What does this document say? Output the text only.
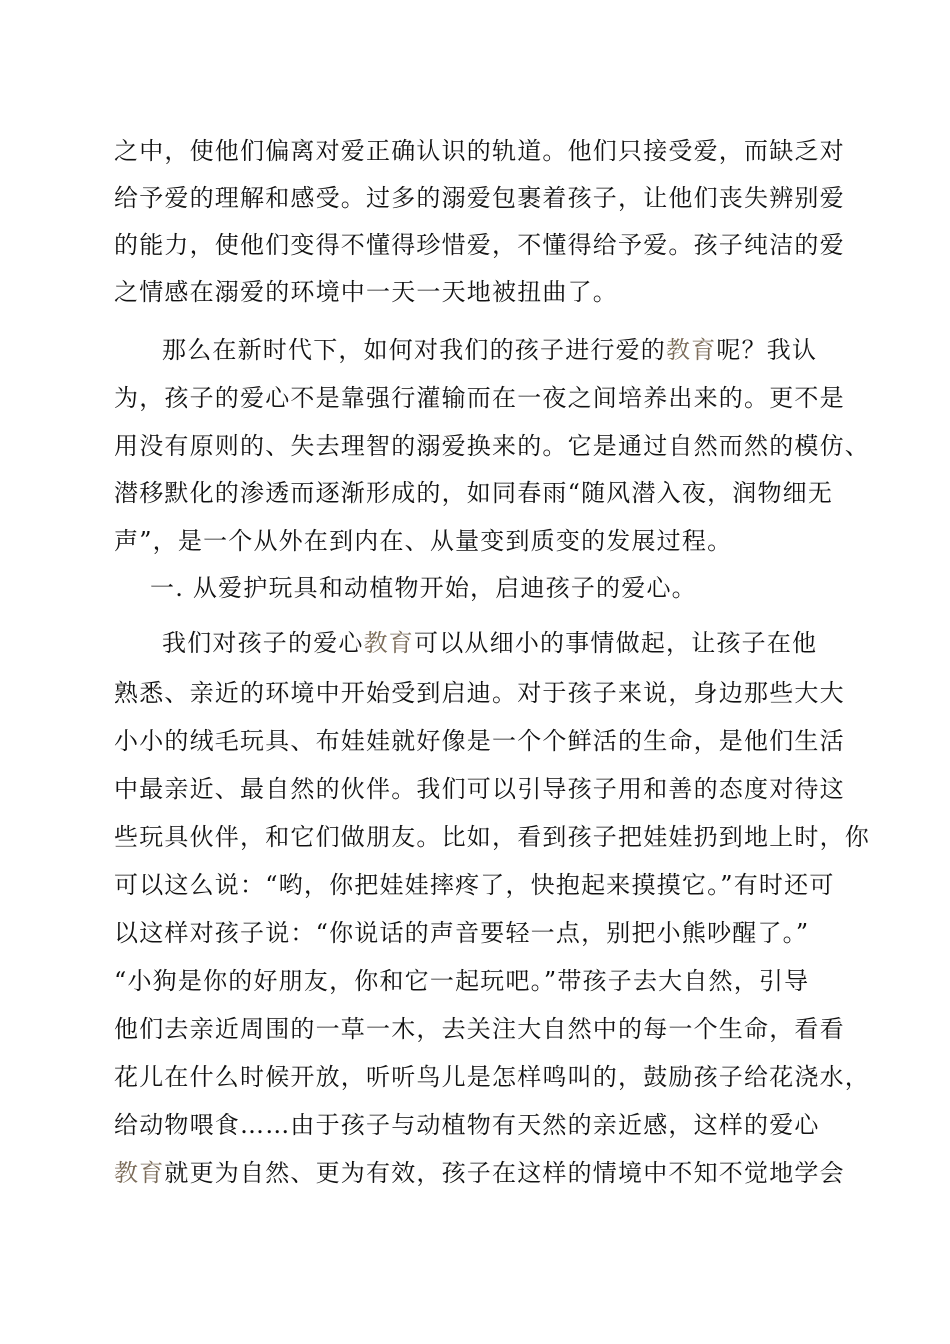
之中，使他们偏离对爱正确认识的轨道。他们只接受爱，而缺乏对
给予爱的理解和感受。过多的溺爱包裹着孩子，让他们丧失辨别爱
的能力，使他们变得不懂得珍惜爱，不懂得给予爱。孩子纯洁的爱
之情感在溺爱的环境中一天一天地被扭曲了。
那么在新时代下，如何对我们的孩子进行爱的教育呢？我认
为，孩子的爱心不是靠强行灌输而在一夜之间培养出来的。更不是
用没有原则的、失去理智的溺爱换来的。它是通过自然而然的模仿、
潜移默化的渗透而逐渐形成的，如同春雨“随风潜入夜，润物细无
声”，是一个从外在到内在、从量变到质变的发展过程。
一. 从爱护玩具和动植物开始，启迪孩子的爱心。
我们对孩子的爱心教育可以从细小的事情做起，让孩子在他
熟悉、亲近的环境中开始受到启迪。对于孩子来说，身边那些大大
小小的绒毛玩具、布娃娃就好像是一个个鲜活的生命，是他们生活
中最亲近、最自然的伙伴。我们可以引导孩子用和善的态度对待这
些玩具伙伴，和它们做朋友。比如，看到孩子把娃娃扔到地上时，你
可以这么说：“哟，你把娃娃摔疼了，快抱起来摸摸它。”有时还可
以这样对孩子说：“你说话的声音要轻一点，别把小熊吵醒了。”
“小狗是你的好朋友，你和它一起玩吧。”带孩子去大自然，引导
他们去亲近周围的一草一木，去关注大自然中的每一个生命，看看
花儿在什么时候开放，听听鸟儿是怎样鸣叫的，鼓励孩子给花浇水，
给动物喂食……由于孩子与动植物有天然的亲近感，这样的爱心
教育就更为自然、更为有效，孩子在这样的情境中不知不觉地学会
